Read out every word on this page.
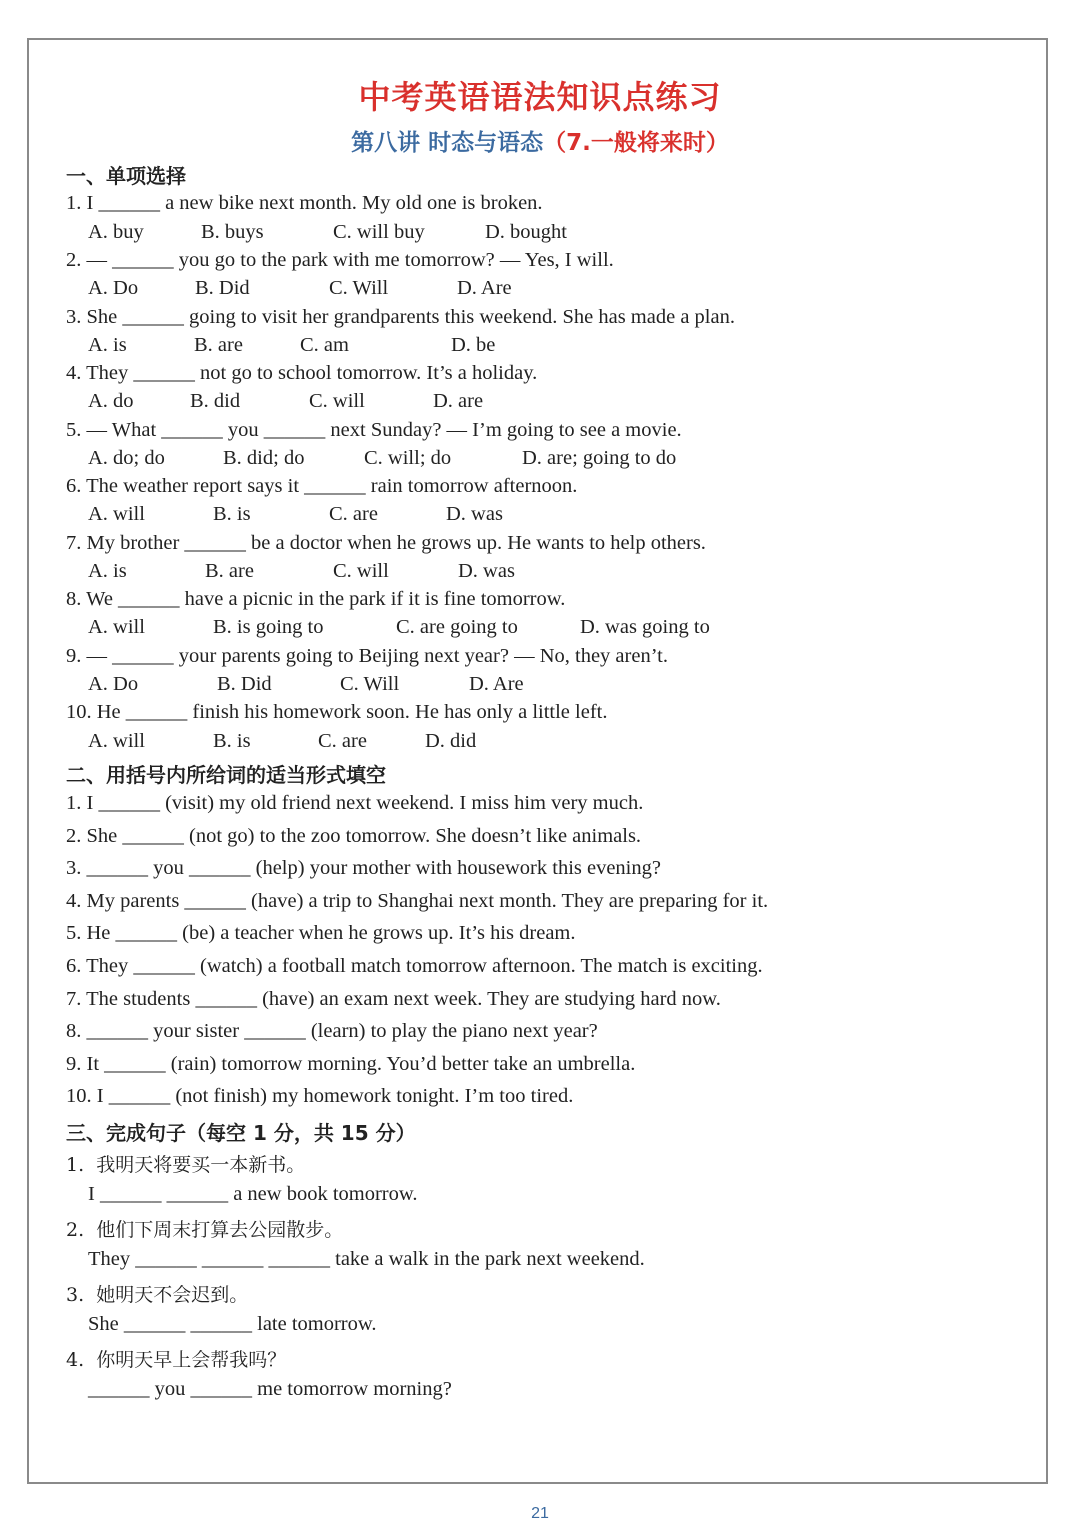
中考英语语法知识点练习
第八讲 时态与语态（7.一般将来时）
一、单项选择
1. I ______ a new bike next month. My old one is broken.
A. buy	B. buys	C. will buy	D. bought
2. — ______ you go to the park with me tomorrow? — Yes, I will.
A. Do	B. Did	C. Will	D. Are
3. She ______ going to visit her grandparents this weekend. She has made a plan.
A. is	B. are	C. am	D. be
4. They ______ not go to school tomorrow. It’s a holiday.
A. do	B. did	C. will	D. are
5. — What ______ you ______ next Sunday? — I’m going to see a movie.
A. do; do	B. did; do	C. will; do	D. are; going to do
6. The weather report says it ______ rain tomorrow afternoon.
A. will	B. is	C. are	D. was
7. My brother ______ be a doctor when he grows up. He wants to help others.
A. is	B. are	C. will	D. was
8. We ______ have a picnic in the park if it is fine tomorrow.
A. will	B. is going to	C. are going to	D. was going to
9. — ______ your parents going to Beijing next year? — No, they aren’t.
A. Do	B. Did	C. Will	D. Are
10. He ______ finish his homework soon. He has only a little left.
A. will	B. is	C. are	D. did
二、用括号内所给词的适当形式填空
1. I ______ (visit) my old friend next weekend. I miss him very much.
2. She ______ (not go) to the zoo tomorrow. She doesn’t like animals.
3. ______ you ______ (help) your mother with housework this evening?
4. My parents ______ (have) a trip to Shanghai next month. They are preparing for it.
5. He ______ (be) a teacher when he grows up. It’s his dream.
6. They ______ (watch) a football match tomorrow afternoon. The match is exciting.
7. The students ______ (have) an exam next week. They are studying hard now.
8. ______ your sister ______ (learn) to play the piano next year?
9. It ______ (rain) tomorrow morning. You’d better take an umbrella.
10. I ______ (not finish) my homework tonight. I’m too tired.
三、完成句子（每空 1 分，共 15 分）
1.  我明天将要买一本新书。
I ______ ______ a new book tomorrow.
2.  他们下周末打算去公园散步。
They ______ ______ ______ take a walk in the park next weekend.
3.  她明天不会迟到。
She ______ ______ late tomorrow.
4.  你明天早上会帮我吗？
______ you ______ me tomorrow morning?
21
